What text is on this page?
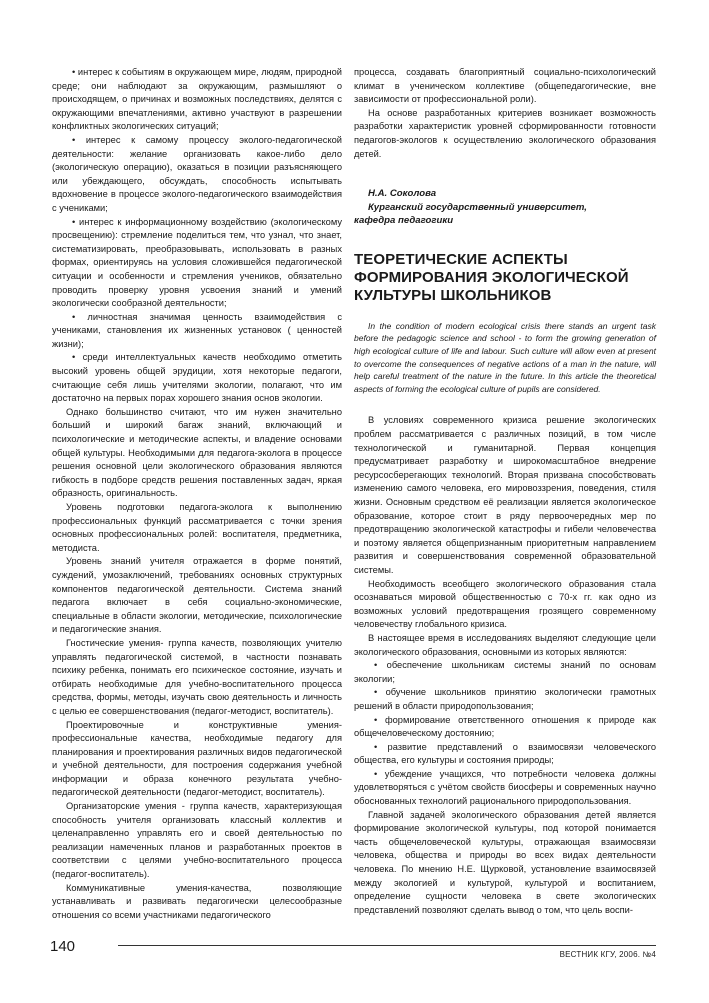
• интерес к событиям в окружающем мире, людям, природной среде; они наблюдают за окружающим, размышляют о происходящем, о причинах и возможных последствиях, делятся с окружающими впечатлениями, активно участвуют в разрешении конфликтных экологических ситуаций;

• интерес к самому процессу эколого-педагогической деятельности: желание организовать какое-либо дело (экологическую операцию), оказаться в позиции разъясняющего или убеждающего, обсуждать, способность испытывать вдохновение в процессе эколого-педагогического взаимодействия с учениками;

• интерес к информационному воздействию (экологическому просвещению): стремление поделиться тем, что узнал, что знает, систематизировать, преобразовывать, использовать в разных формах, ориентируясь на условия сложившейся педагогической ситуации и особенности и стремления учеников, обязательно проводить проверку уровня усвоения знаний и умений экологически сообразной деятельности;

• личностная значимая ценность взаимодействия с учениками, становления их жизненных установок ( ценностей жизни);

• среди интеллектуальных качеств необходимо отметить высокий уровень общей эрудиции, хотя некоторые педагоги, считающие себя лишь учителями экологии, полагают, что им достаточно на первых порах хорошего знания основ экологии.

Однако большинство считают, что им нужен значительно больший и широкий багаж знаний, включающий и психологические и методические аспекты, и владение основами общей культуры. Необходимыми для педагога-эколога в процессе решения основной цели экологического образования являются гибкость в подборе средств решения поставленных задач, яркая образность, оригинальность.

Уровень подготовки педагога-эколога к выполнению профессиональных функций рассматривается с точки зрения основных профессиональных ролей: воспитателя, предметника, методиста.

Уровень знаний учителя отражается в форме понятий, суждений, умозаключений, требованиях основных структурных компонентов педагогической деятельности. Система знаний педагога включает в себя социально-экономические, специальные в области экологии, методические, психологические и педагогические знания.

Гностические умения- группа качеств, позволяющих учителю управлять педагогической системой, в частности познавать психику ребенка, понимать его психическое состояние, изучать и отбирать необходимые для учебно-воспитательного процесса средства, формы, методы, изучать свою деятельность и личность с целью ее совершенствования (педагог-методист, воспитатель).

Проектировочные и конструктивные умения- профессиональные качества, необходимые педагогу для планирования и проектирования различных видов педагогической и учебной деятельности, для построения содержания учебной информации и образа конечного результата учебно-педагогической деятельности (педагог-методист, воспитатель).

Организаторские умения - группа качеств, характеризующая способность учителя организовать классный коллектив и целенаправленно управлять его и своей деятельностью по реализации намеченных планов и разработанных проектов в соответствии с целями учебно-воспитательного процесса (педагог-воспитатель).

Коммуникативные умения-качества, позволяющие устанавливать и развивать педагогически целесообразные отношения со всеми участниками педагогического

процесса, создавать благоприятный социально-психологический климат в ученическом коллективе (общепедагогические, вне зависимости от профессиональной роли).

На основе разработанных критериев возникает возможность разработки характеристик уровней сформированности готовности педагогов-экологов к осуществлению экологического образования детей.

Н.А. Соколова

Курганский государственный университет,
кафедра педагогики

ТЕОРЕТИЧЕСКИЕ АСПЕКТЫ
ФОРМИРОВАНИЯ ЭКОЛОГИЧЕСКОЙ
КУЛЬТУРЫ ШКОЛЬНИКОВ

In the condition of modern ecological crisis there stands an urgent task before the pedagogic science and school - to form the growing generation of high ecological culture of life and labour. Such culture will allow even at present to overcome the consequences of negative actions of a man in the nature, will help careful treatment of the nature in the future. In this article the theoretical aspects of forming the ecological culture of pupils are considered.

В условиях современного кризиса решение экологических проблем рассматривается с различных позиций, в том числе технологической и гуманитарной. Первая концепция предусматривает разработку и широкомасштабное внедрение ресурсосберегающих технологий. Вторая призвана способствовать изменению самого человека, его мировоззрения, поведения, стиля жизни. Основным средством её реализации является экологическое образование, которое стоит в ряду первоочередных мер по предотвращению экологической катастрофы и гибели человечества и поэтому является общепризнанным приоритетным направлением развития и совершенствования современной образовательной системы.

Необходимость всеобщего экологического образования стала осознаваться мировой общественностью с 70-х гг. как одно из возможных условий предотвращения грозящего современному человечеству глобального кризиса.

В настоящее время в исследованиях выделяют следующие цели экологического образования, основными из которых являются:

• обеспечение школьникам системы знаний по основам экологии;

• обучение школьников принятию экологически грамотных решений в области природопользования;

• формирование ответственного отношения к природе как общечеловеческому достоянию;

• развитие представлений о взаимосвязи человеческого общества, его культуры и состояния природы;

• убеждение учащихся, что потребности человека должны удовлетворяться с учётом свойств биосферы и современных научно обоснованных технологий рационального природопользования.

Главной задачей экологического образования детей является формирование экологической культуры, под которой понимается часть общечеловеческой культуры, отражающая взаимосвязи человека, общества и природы во всех видах деятельности человека. По мнению Н.Е. Щурковой, установление взаимосвязей между экологией и культурой, культурой и воспитанием, определение сущности человека в свете экологических представлений позволяют сделать вывод о том, что цель воспи-

140	ВЕСТНИК КГУ, 2006. №4
